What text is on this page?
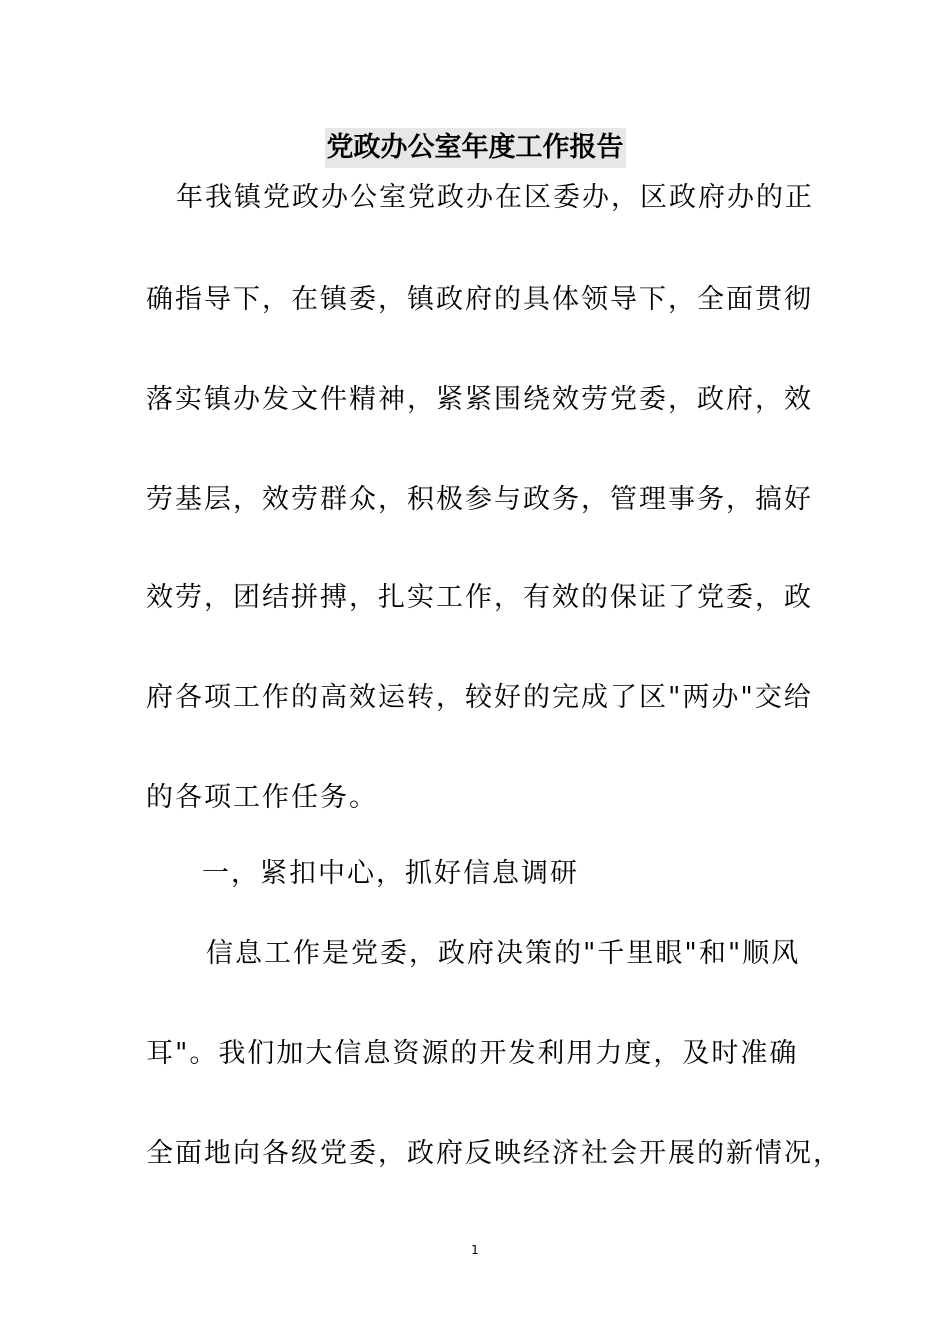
党政办公室年度工作报告
年我镇党政办公室党政办在区委办，区政府办的正
确指导下，在镇委，镇政府的具体领导下，全面贯彻
落实镇办发文件精神，紧紧围绕效劳党委，政府，效
劳基层，效劳群众，积极参与政务，管理事务，搞好
效劳，团结拼搏，扎实工作，有效的保证了党委，政
府各项工作的高效运转，较好的完成了区"两办"交给
的各项工作任务。
一，紧扣中心，抓好信息调研
信息工作是党委，政府决策的"千里眼"和"顺风
耳"。我们加大信息资源的开发利用力度，及时准确
全面地向各级党委，政府反映经济社会开展的新情况，
1
